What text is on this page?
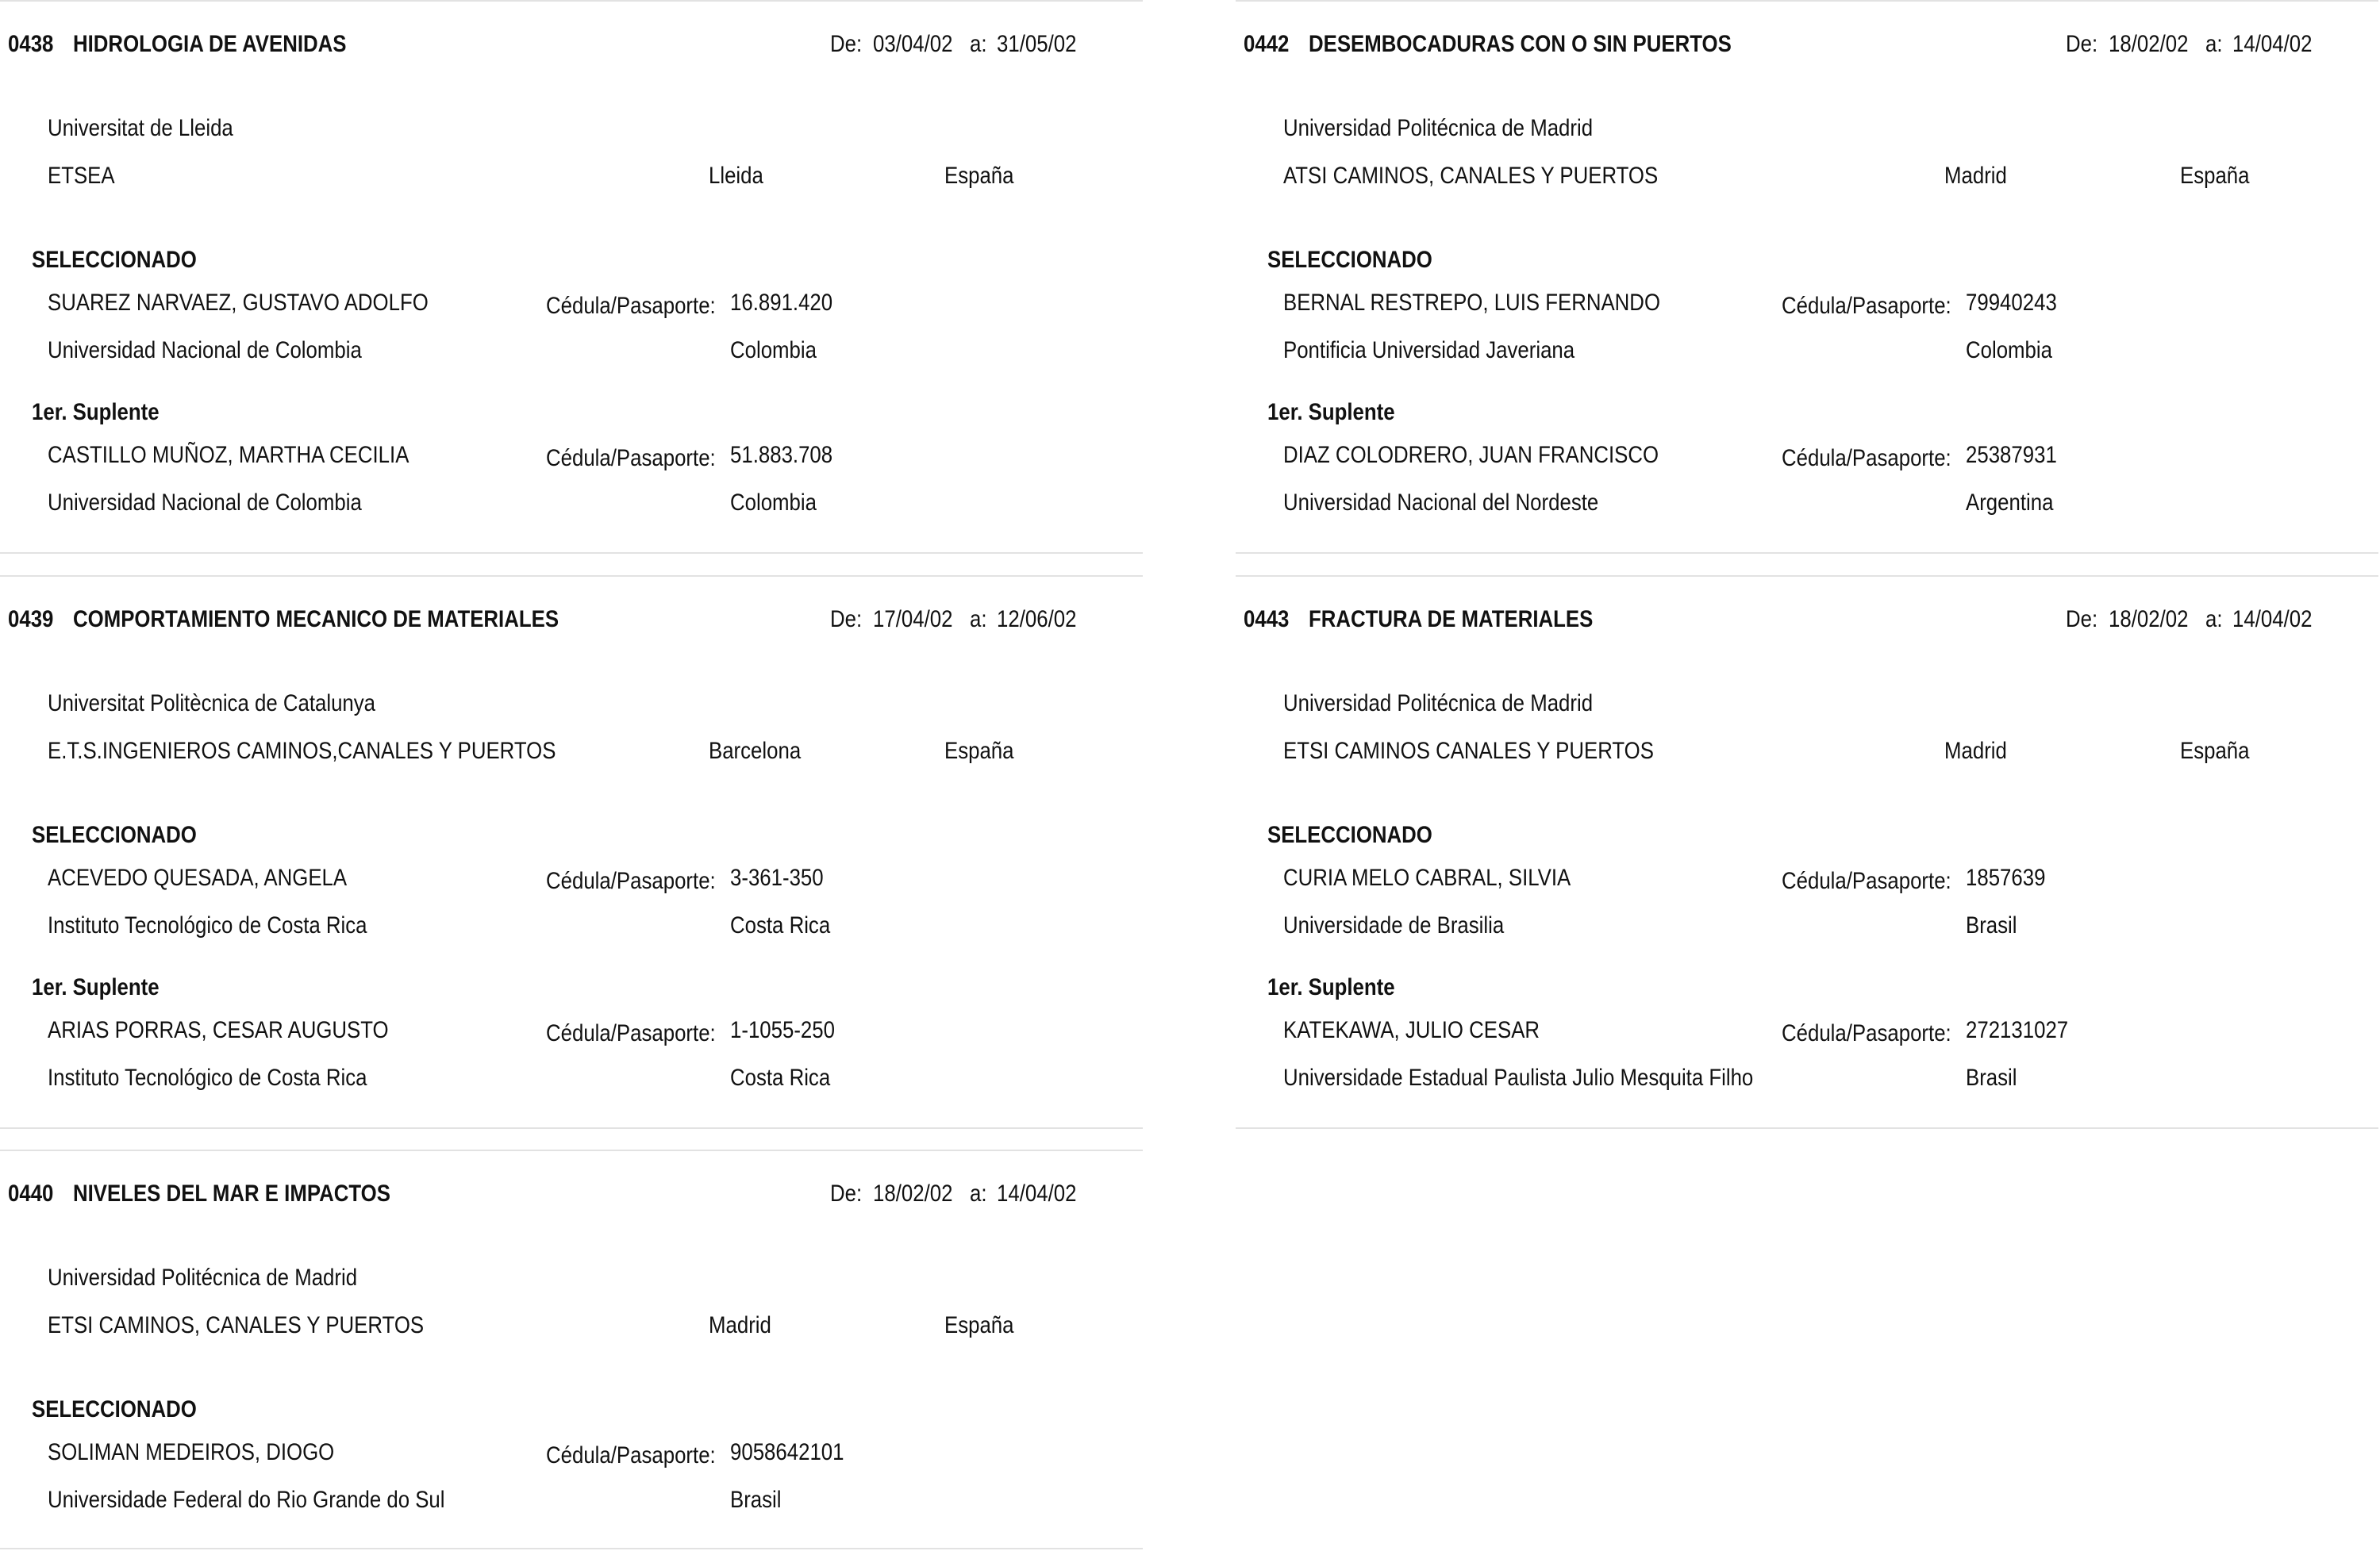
0438 HIDROLOGIA DE AVENIDAS	De: 03/04/02 a: 31/05/02
Universitat de Lleida
ETSEA	Lleida	España
SELECCIONADO
SUAREZ NARVAEZ, GUSTAVO ADOLFO	Cédula/Pasaporte: 16.891.420
Universidad Nacional de Colombia	Colombia
1er. Suplente
CASTILLO MUÑOZ, MARTHA CECILIA	Cédula/Pasaporte: 51.883.708
Universidad Nacional de Colombia	Colombia
0439 COMPORTAMIENTO MECANICO DE MATERIALES	De: 17/04/02 a: 12/06/02
Universitat Politècnica de Catalunya
E.T.S.INGENIEROS CAMINOS,CANALES Y PUERTOS	Barcelona	España
SELECCIONADO
ACEVEDO QUESADA, ANGELA	Cédula/Pasaporte: 3-361-350
Instituto Tecnológico de Costa Rica	Costa Rica
1er. Suplente
ARIAS PORRAS, CESAR AUGUSTO	Cédula/Pasaporte: 1-1055-250
Instituto Tecnológico de Costa Rica	Costa Rica
0440 NIVELES DEL MAR E IMPACTOS	De: 18/02/02 a: 14/04/02
Universidad Politécnica de Madrid
ETSI CAMINOS, CANALES Y PUERTOS	Madrid	España
SELECCIONADO
SOLIMAN MEDEIROS, DIOGO	Cédula/Pasaporte: 9058642101
Universidade Federal do Rio Grande do Sul	Brasil
0442 DESEMBOCADURAS CON O SIN PUERTOS	De: 18/02/02 a: 14/04/02
Universidad Politécnica de Madrid
ATSI CAMINOS, CANALES Y PUERTOS	Madrid	España
SELECCIONADO
BERNAL RESTREPO, LUIS FERNANDO	Cédula/Pasaporte: 79940243
Pontificia Universidad Javeriana	Colombia
1er. Suplente
DIAZ COLODRERO, JUAN FRANCISCO	Cédula/Pasaporte: 25387931
Universidad Nacional del Nordeste	Argentina
0443 FRACTURA DE MATERIALES	De: 18/02/02 a: 14/04/02
Universidad Politécnica de Madrid
ETSI CAMINOS CANALES Y PUERTOS	Madrid	España
SELECCIONADO
CURIA MELO CABRAL, SILVIA	Cédula/Pasaporte: 1857639
Universidade de Brasilia	Brasil
1er. Suplente
KATEKAWA, JULIO CESAR	Cédula/Pasaporte: 272131027
Universidade Estadual Paulista Julio Mesquita Filho	Brasil
